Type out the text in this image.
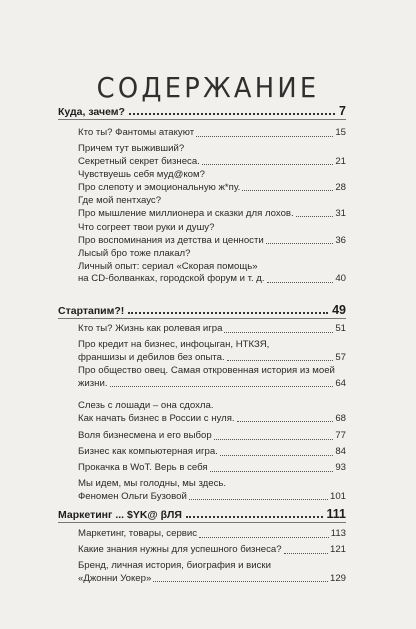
СОДЕРЖАНИЕ
Куда, зачем?	7
Кто ты? Фантомы атакуют	15
Причем тут выживший?
Секретный секрет бизнеса.	21
Чувствуешь себя муд@ком?
Про слепоту и эмоциональную ж*пу.	28
Где мой пентхаус?
Про мышление миллионера и сказки для лохов.	31
Что согреет твои руки и душу?
Про воспоминания из детства и ценности	36
Лысый бро тоже плакал?
Личный опыт: сериал «Скорая помощь»
на CD-болванках, городской форум и т. д.	40
Стартапим?!	49
Кто ты? Жизнь как ролевая игра	51
Про кредит на бизнес, инфоцыган, НТКЗЯ,
франшизы и дебилов без опыта.	57
Про общество овец. Самая откровенная история из моей
жизни.	64
Слезь с лошади – она сдохла.
Как начать бизнес в России с нуля.	68
Воля бизнесмена и его выбор	77
Бизнес как компьютерная игра.	84
Прокачка в WoT. Верь в себя	93
Мы идем, мы голодны, мы здесь.
Феномен Ольги Бузовой	101
Маркетинг ... $YK@ βЛЯ	111
Маркетинг, товары, сервис	113
Какие знания нужны для успешного бизнеса?	121
Бренд, личная история, биография и виски
«Джонни Уокер»	129
